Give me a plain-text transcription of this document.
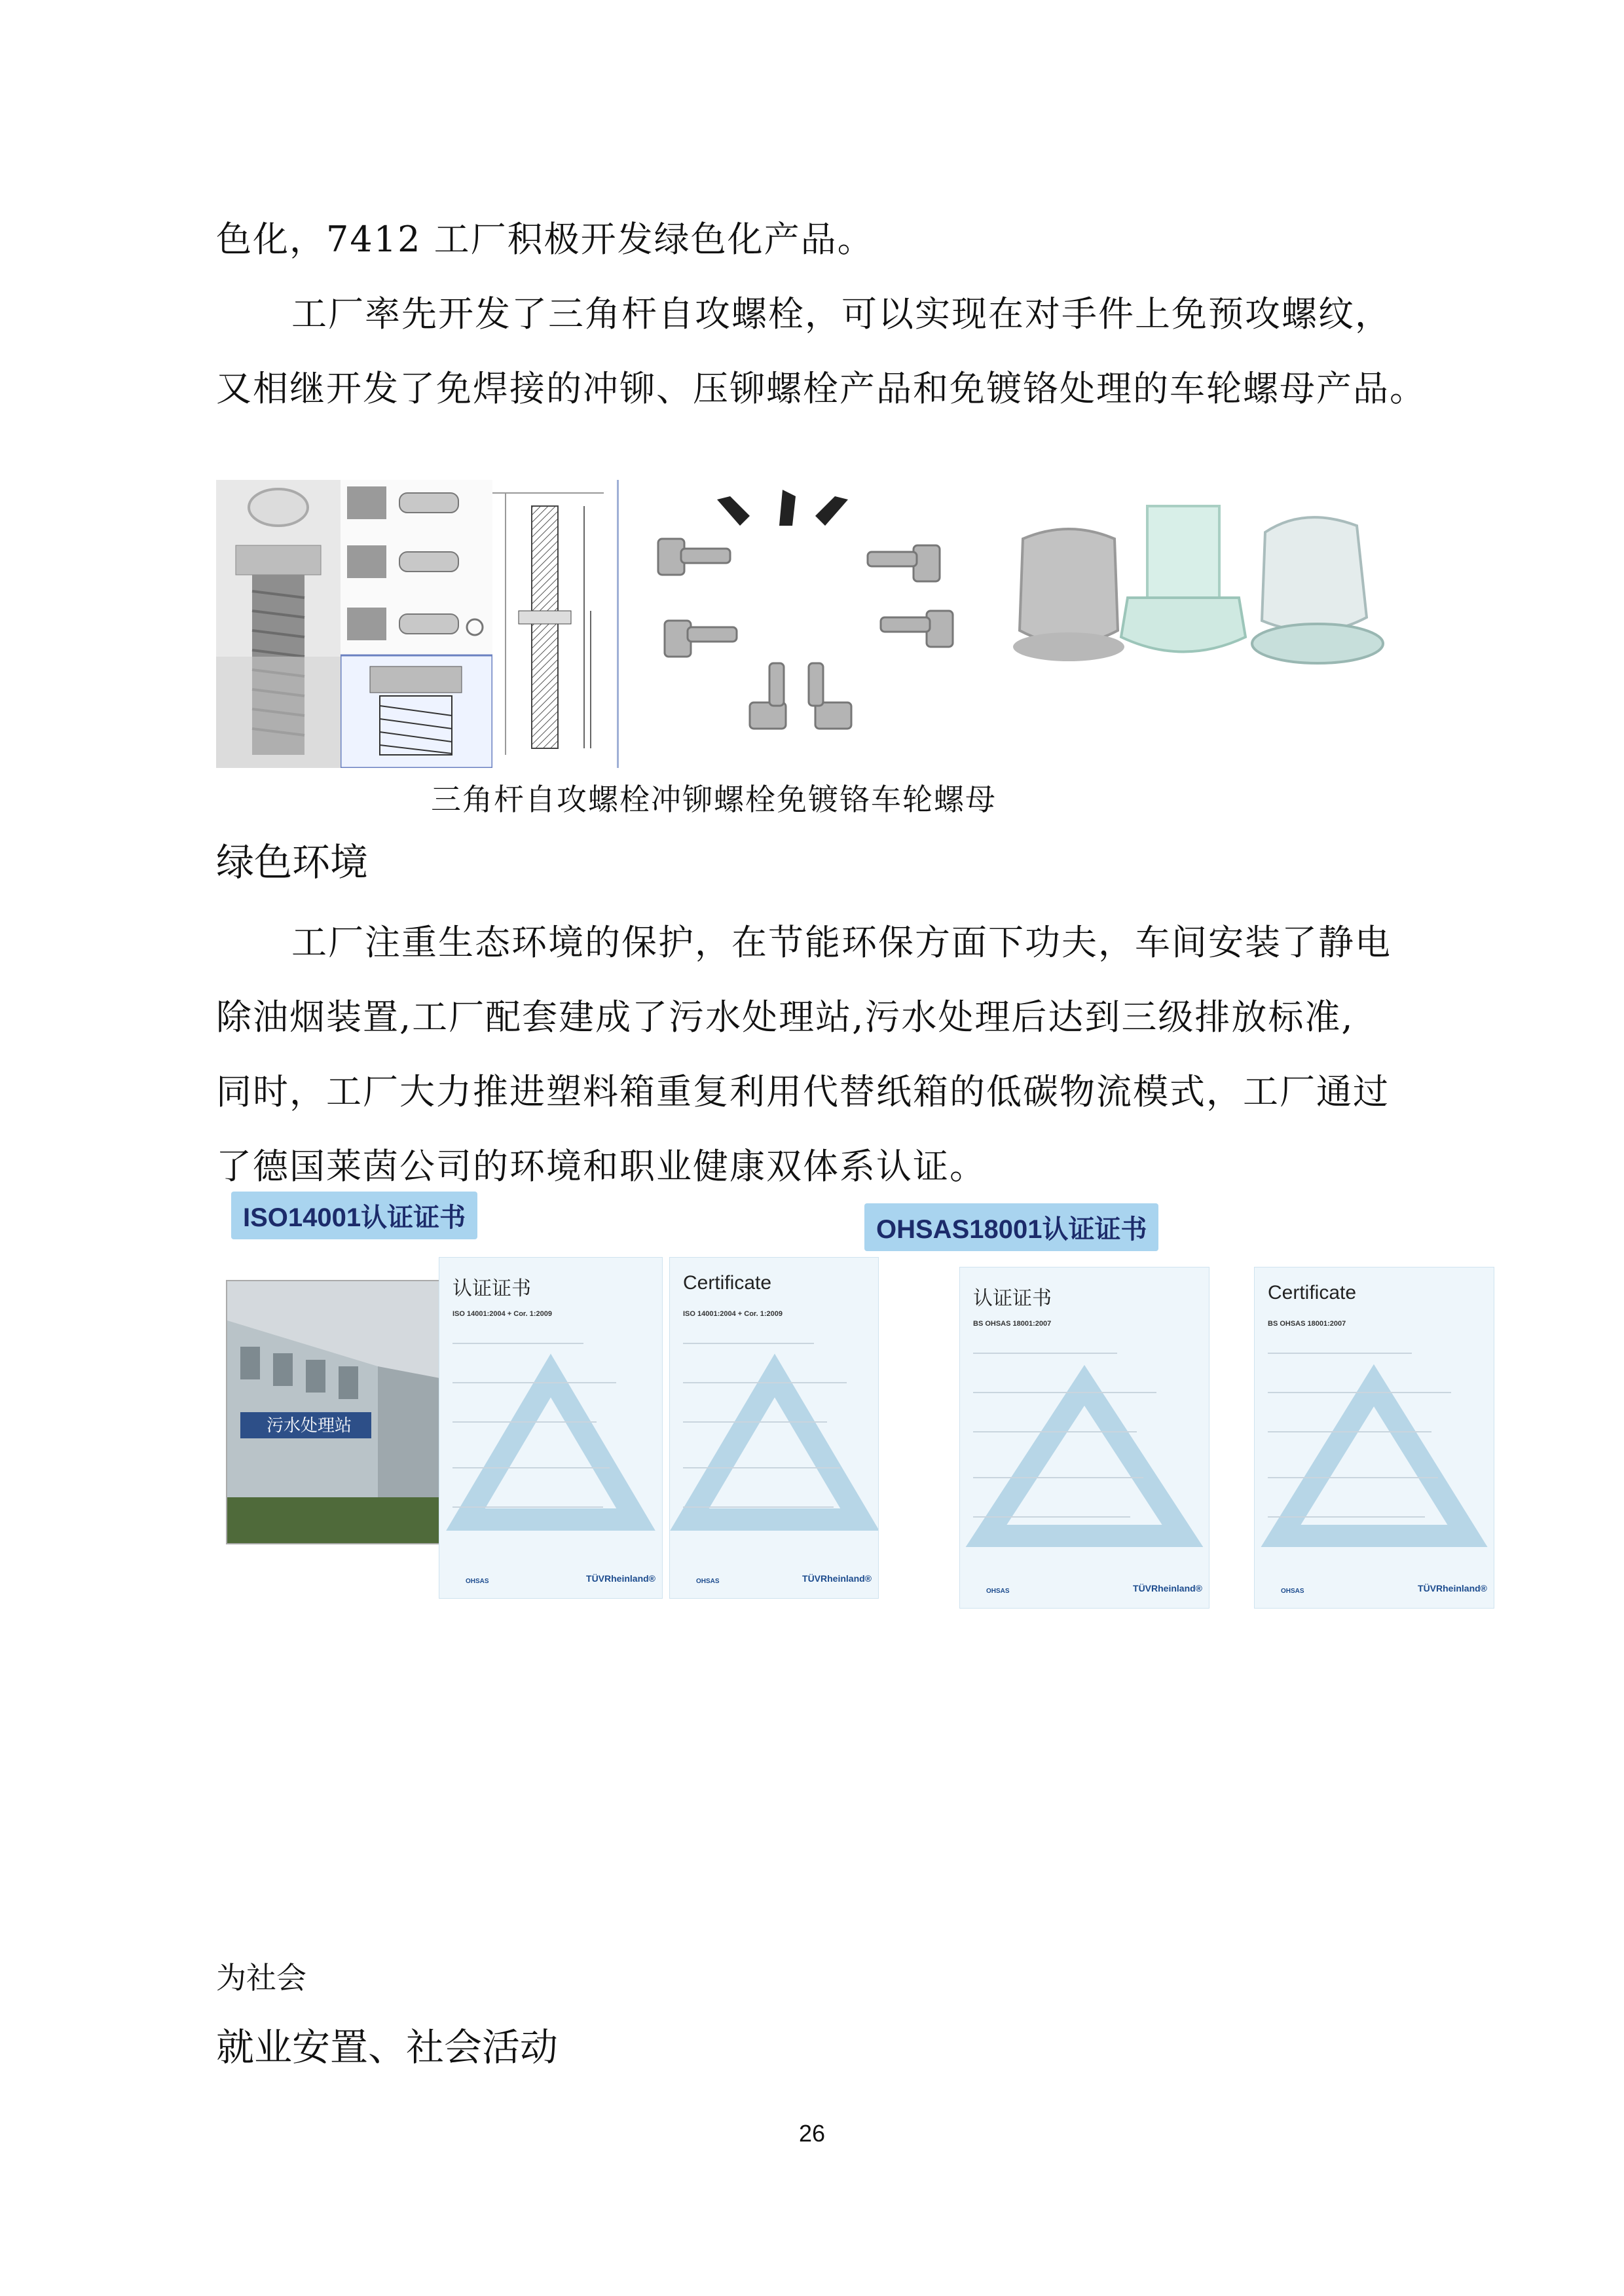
色化，7412 工厂积极开发绿色化产品。
工厂率先开发了三角杆自攻螺栓，可以实现在对手件上免预攻螺纹，
又相继开发了免焊接的冲铆、压铆螺栓产品和免镀铬处理的车轮螺母产品。
三角杆自攻螺栓冲铆螺栓免镀铬车轮螺母
绿色环境
工厂注重生态环境的保护，在节能环保方面下功夫，车间安装了静电
除油烟装置,工厂配套建成了污水处理站,污水处理后达到三级排放标准,
同时，工厂大力推进塑料箱重复利用代替纸箱的低碳物流模式，工厂通过
了德国莱茵公司的环境和职业健康双体系认证。
ISO14001认证证书	OHSAS18001认证证书
污水处理站
认证证书
ISO 14001:2004 + Cor. 1:2009
OHSAS	TÜVRheinland®
Certificate
ISO 14001:2004 + Cor. 1:2009
OHSAS	TÜVRheinland®
认证证书
BS OHSAS 18001:2007
OHSAS	TÜVRheinland®
Certificate
BS OHSAS 18001:2007
OHSAS	TÜVRheinland®
为社会
就业安置、社会活动
26
